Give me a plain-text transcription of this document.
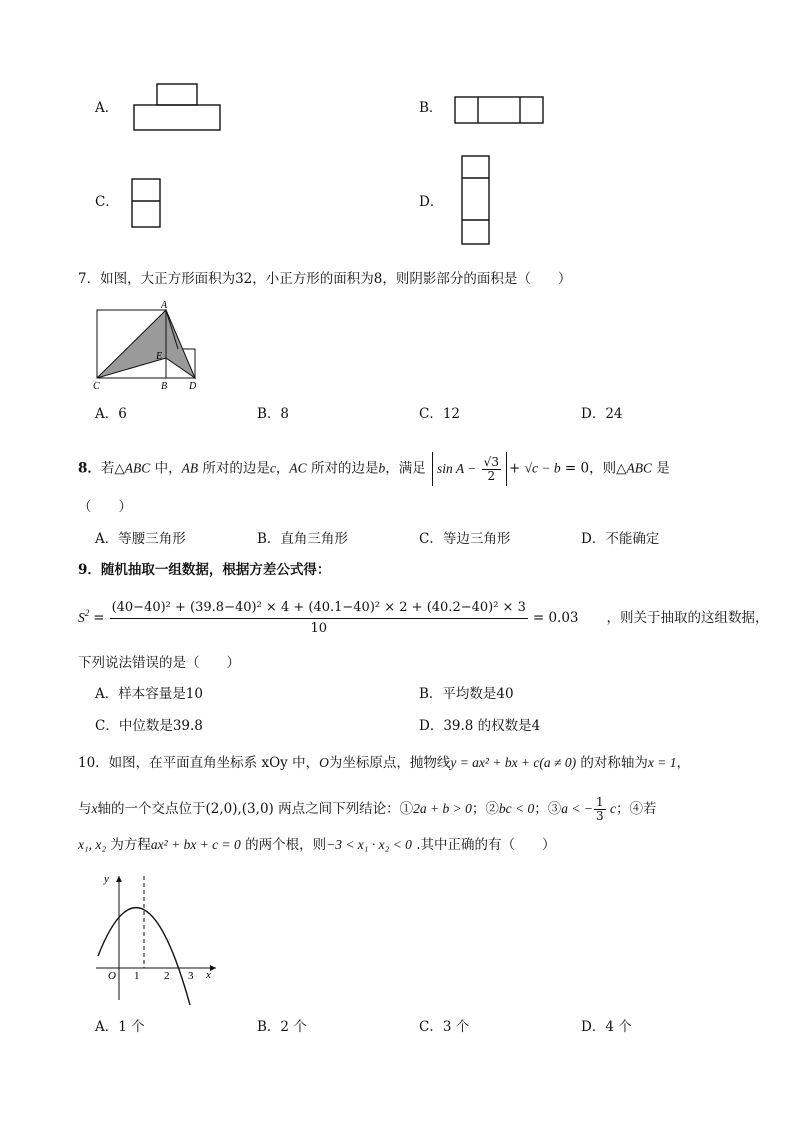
A．	B．
C．	D．
7．如图，大正方形面积为32，小正方形的面积为8，则阴影部分的面积是（　　）
A
E
C	B D
A．6	B．8	C．12	D．24
8．若△ABC 中，AB 所对的边是c，AC 所对的边是b，满足 $\sin A - \frac{√3}{2} + √c - b = 0$，则△ABC 是
（　　）
A．等腰三角形	B．直角三角形	C．等边三角形	D．不能确定
9．随机抽取一组数据，根据方差公式得：
$S^2 = \frac{\text{(40−40)² + (39.8−40)² × 4 + (40.1−40)² × 2 + (40.2−40)² × 3}}{10} = 0.03$ ，则关于抽取的这组数据，
下列说法错误的是（　　）
A．样本容量是10	B．平均数是40
C．中位数是39.8	D．39.8 的权数是4
10．如图，在平面直角坐标系 xOy 中，O为坐标原点，抛物线y = ax² + bx + c(a ≠ 0) 的对称轴为x = 1，
与x轴的一个交点位于(2,0),(3,0) 两点之间下列结论：①2a + b > 0；②bc < 0；③a < − $\frac{1}{3}$ c；④若
x₁, x₂ 为方程ax² + bx + c = 0 的两个根，则−3 < x₁ · x₂ < 0 .其中正确的有（　　）
y
x
O 1 2 3
A．1 个	B．2 个	C．3 个	D．4 个
